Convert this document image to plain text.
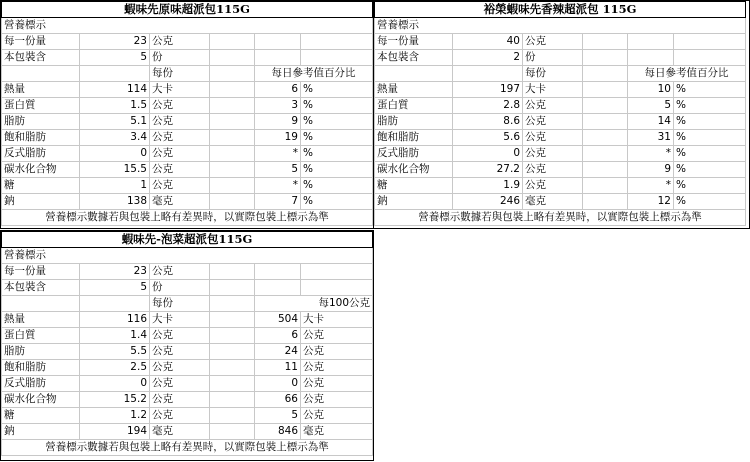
蝦味先原味超派包115G					
營養標示					
每一份量	23	公克			
本包裝含	5	份			
		每份		每日參考值百分比	
熱量	114	大卡		6	%
蛋白質	1.5	公克		3	%
脂肪	5.1	公克		9	%
飽和脂肪	3.4	公克		19	%
反式脂肪	0	公克		*	%
碳水化合物	15.5	公克		5	%
糖	1	公克		*	%
鈉	138	毫克		7	%
營養標示數據若與包裝上略有差異時，以實際包裝上標示為準					
裕榮蝦味先香辣超派包 115G					
營養標示					
每一份量	40	公克			
本包裝含	2	份			
		每份		每日參考值百分比	
熱量	197	大卡		10	%
蛋白質	2.8	公克		5	%
脂肪	8.6	公克		14	%
飽和脂肪	5.6	公克		31	%
反式脂肪	0	公克		*	%
碳水化合物	27.2	公克		9	%
糖	1.9	公克		*	%
鈉	246	毫克		12	%
營養標示數據若與包裝上略有差異時，以實際包裝上標示為準					
蝦味先-泡菜超派包115G					
營養標示					
每一份量	23	公克			
本包裝含	5	份			
		每份		每100公克	
熱量	116	大卡		504	大卡
蛋白質	1.4	公克		6	公克
脂肪	5.5	公克		24	公克
飽和脂肪	2.5	公克		11	公克
反式脂肪	0	公克		0	公克
碳水化合物	15.2	公克		66	公克
糖	1.2	公克		5	公克
鈉	194	毫克		846	毫克
營養標示數據若與包裝上略有差異時，以實際包裝上標示為準					
